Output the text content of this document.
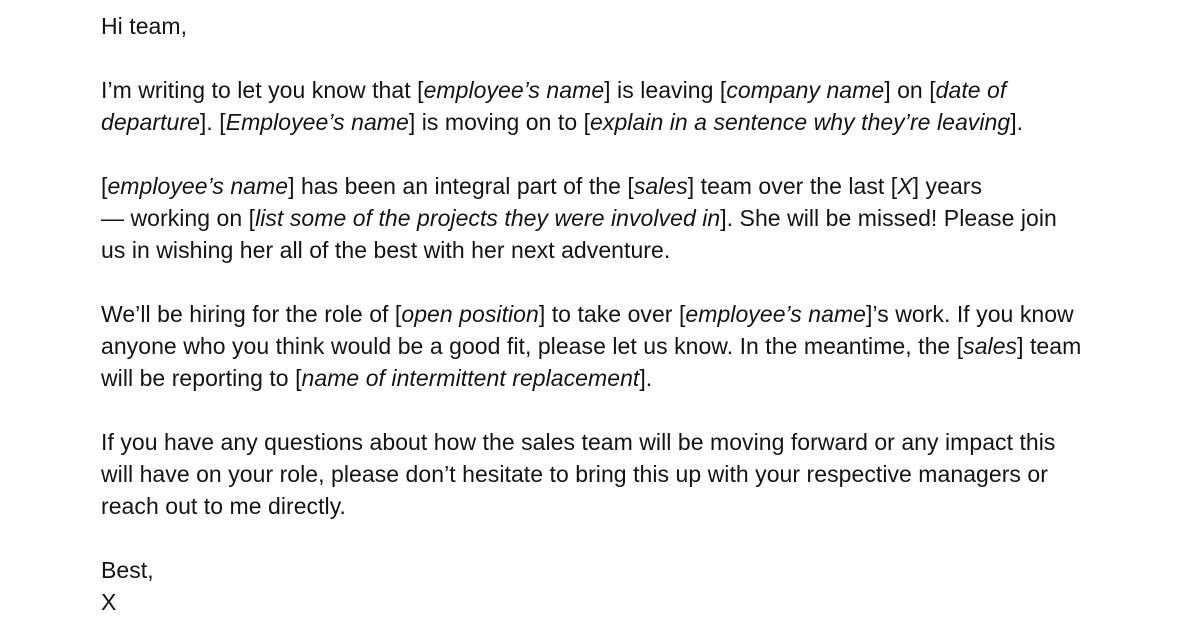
Hi team,

I’m writing to let you know that [employee’s name] is leaving [company name] on [date of
departure]. [Employee’s name] is moving on to [explain in a sentence why they’re leaving].

[employee’s name] has been an integral part of the [sales] team over the last [X] years
— working on [list some of the projects they were involved in]. She will be missed! Please join
us in wishing her all of the best with her next adventure.

We’ll be hiring for the role of [open position] to take over [employee’s name]’s work. If you know
anyone who you think would be a good fit, please let us know. In the meantime, the [sales] team
will be reporting to [name of intermittent replacement].

If you have any questions about how the sales team will be moving forward or any impact this
will have on your role, please don’t hesitate to bring this up with your respective managers or
reach out to me directly.

Best,
X
